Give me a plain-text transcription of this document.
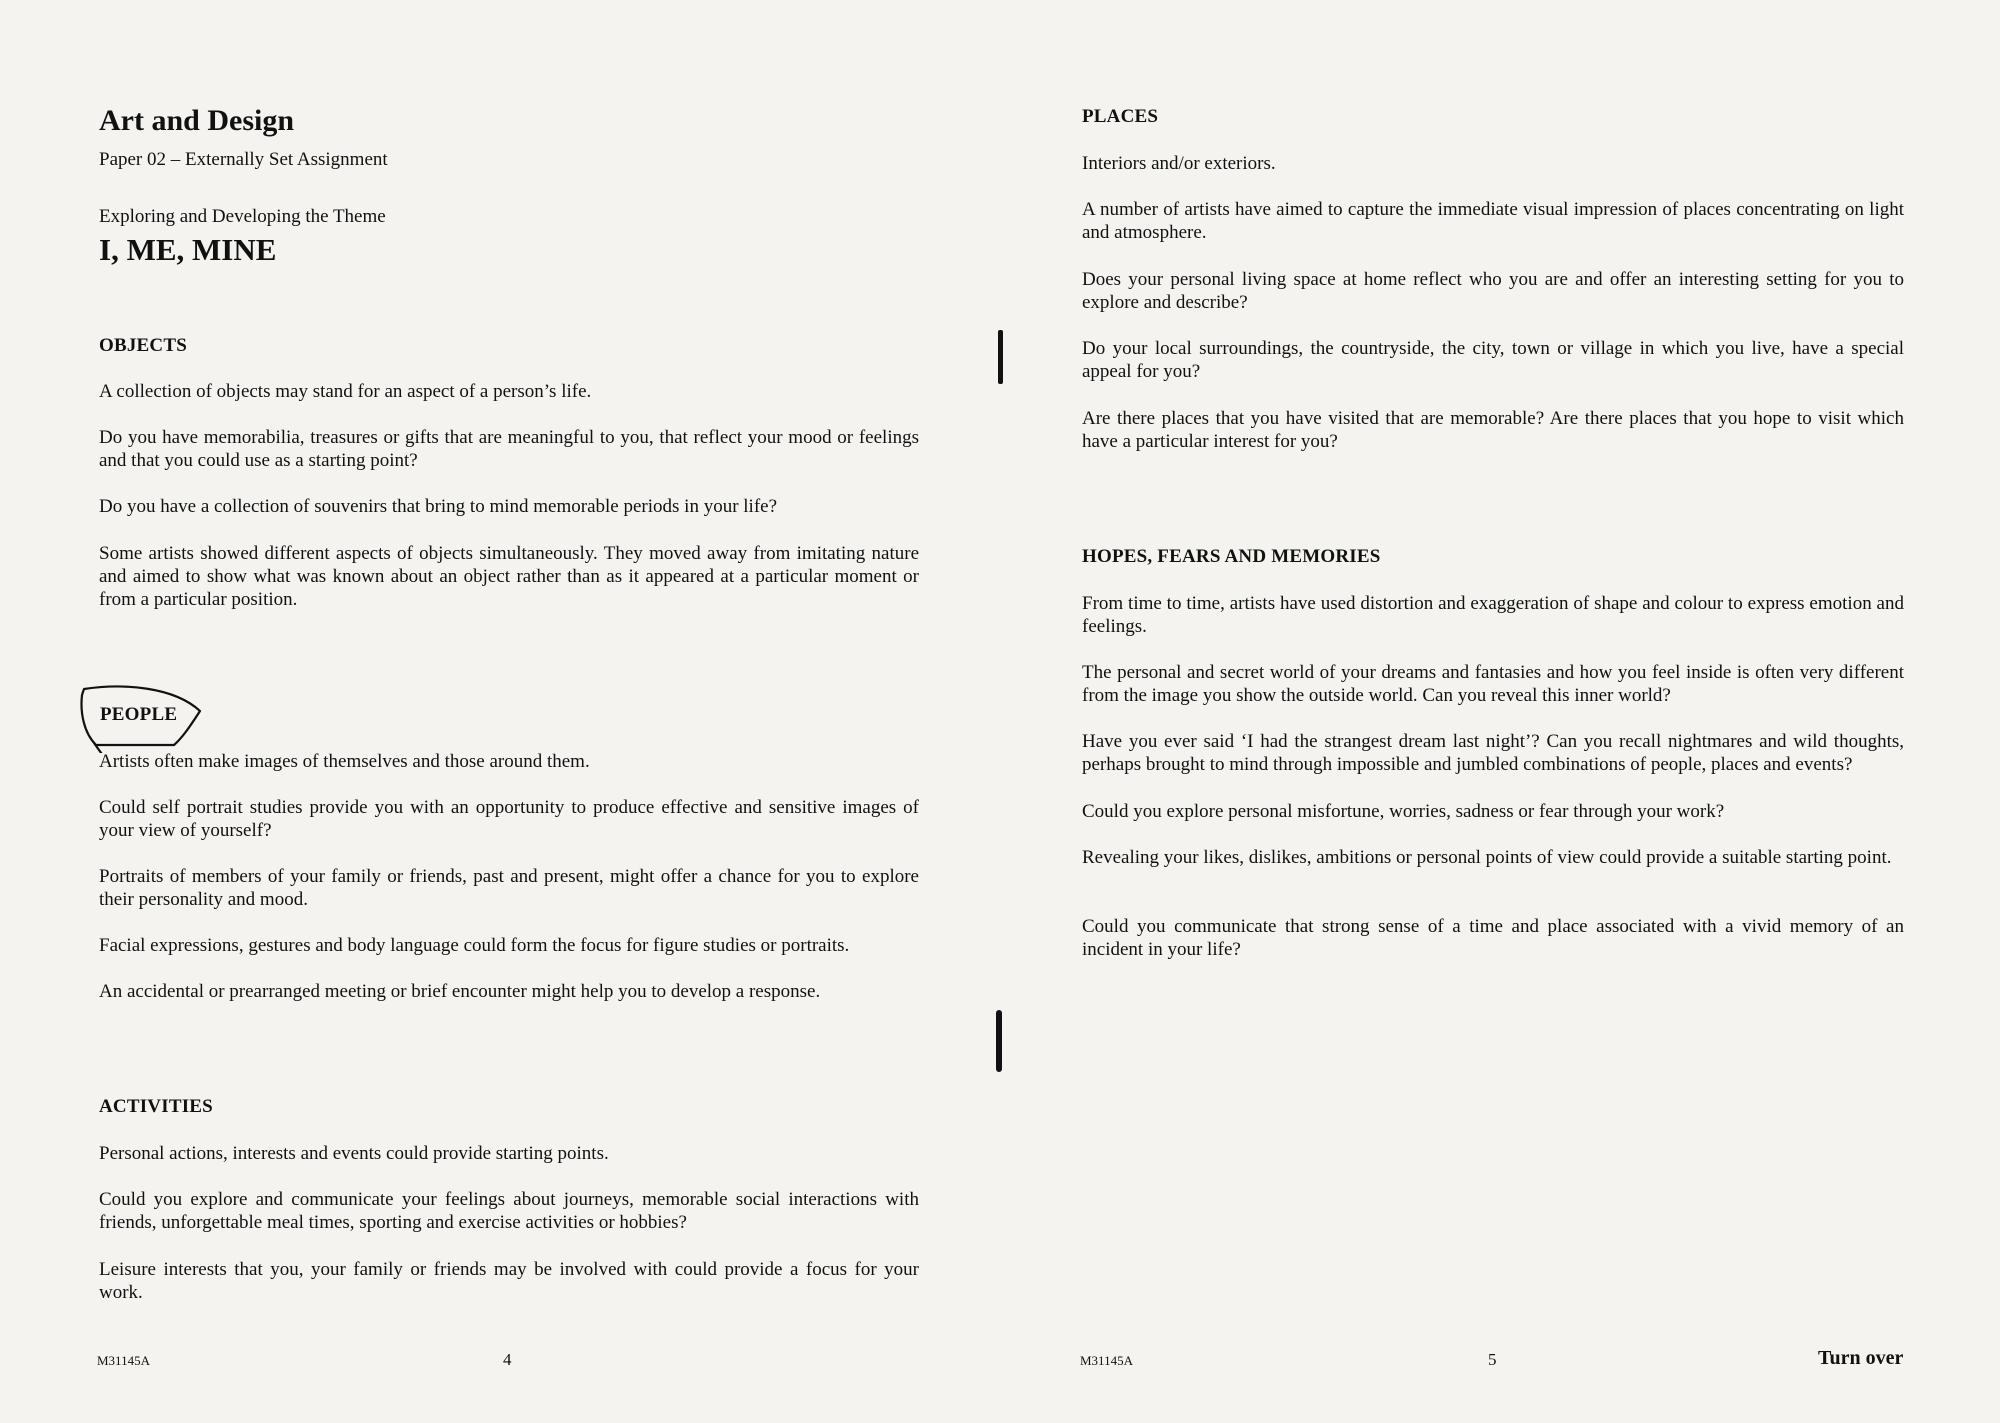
Art and Design
Paper 02 – Externally Set Assignment
Exploring and Developing the Theme
I, ME, MINE
OBJECTS

A collection of objects may stand for an aspect of a person’s life.

Do you have memorabilia, treasures or gifts that are meaningful to you, that reflect your mood or feelings and that you could use as a starting point?

Do you have a collection of souvenirs that bring to mind memorable periods in your life?

Some artists showed different aspects of objects simultaneously. They moved away from imitating nature and aimed to show what was known about an object rather than as it appeared at a particular moment or from a particular position.

PEOPLE

Artists often make images of themselves and those around them.

Could self portrait studies provide you with an opportunity to produce effective and sensitive images of your view of yourself?

Portraits of members of your family or friends, past and present, might offer a chance for you to explore their personality and mood.

Facial expressions, gestures and body language could form the focus for figure studies or portraits.

An accidental or prearranged meeting or brief encounter might help you to develop a response.

ACTIVITIES

Personal actions, interests and events could provide starting points.

Could you explore and communicate your feelings about journeys, memorable social interactions with friends, unforgettable meal times, sporting and exercise activities or hobbies?

Leisure interests that you, your family or friends may be involved with could provide a focus for your work.

M31145A	4
PLACES

Interiors and/or exteriors.

A number of artists have aimed to capture the immediate visual impression of places concentrating on light and atmosphere.

Does your personal living space at home reflect who you are and offer an interesting setting for you to explore and describe?

Do your local surroundings, the countryside, the city, town or village in which you live, have a special appeal for you?

Are there places that you have visited that are memorable? Are there places that you hope to visit which have a particular interest for you?

HOPES, FEARS AND MEMORIES

From time to time, artists have used distortion and exaggeration of shape and colour to express emotion and feelings.

The personal and secret world of your dreams and fantasies and how you feel inside is often very different from the image you show the outside world. Can you reveal this inner world?

Have you ever said ‘I had the strangest dream last night’? Can you recall nightmares and wild thoughts, perhaps brought to mind through impossible and jumbled combinations of people, places and events?

Could you explore personal misfortune, worries, sadness or fear through your work?

Revealing your likes, dislikes, ambitions or personal points of view could provide a suitable starting point.

Could you communicate that strong sense of a time and place associated with a vivid memory of an incident in your life?

M31145A	5	Turn over
